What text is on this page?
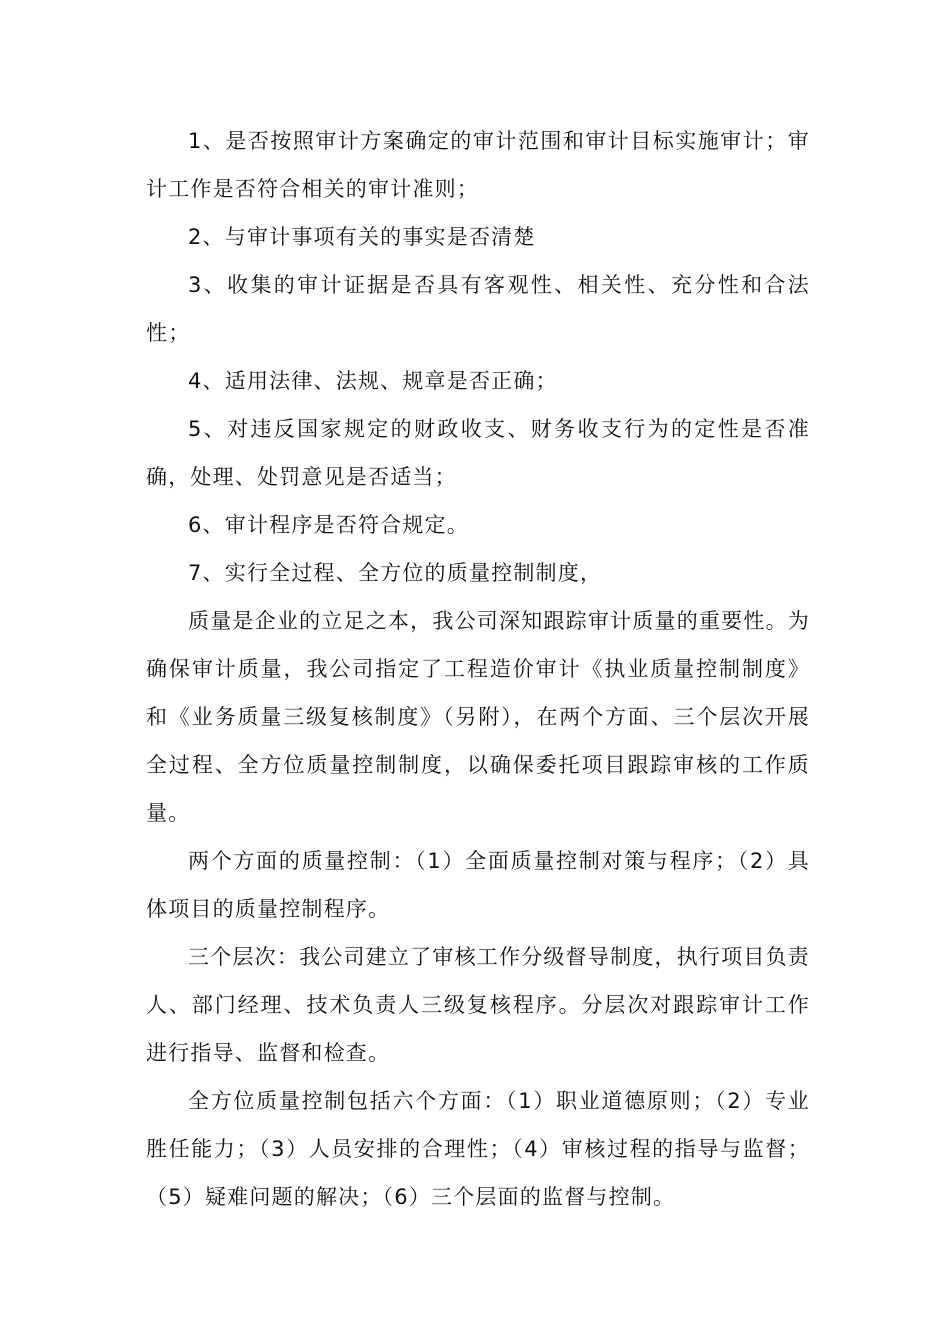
1、是否按照审计方案确定的审计范围和审计目标实施审计；审计工作是否符合相关的审计准则；

2、与审计事项有关的事实是否清楚

3、收集的审计证据是否具有客观性、相关性、充分性和合法性；

4、适用法律、法规、规章是否正确；

5、对违反国家规定的财政收支、财务收支行为的定性是否准确，处理、处罚意见是否适当；

6、审计程序是否符合规定。

7、实行全过程、全方位的质量控制制度，

质量是企业的立足之本，我公司深知跟踪审计质量的重要性。为确保审计质量，我公司指定了工程造价审计《执业质量控制制度》和《业务质量三级复核制度》（另附），在两个方面、三个层次开展全过程、全方位质量控制制度，以确保委托项目跟踪审核的工作质量。

两个方面的质量控制：（1）全面质量控制对策与程序；（2）具体项目的质量控制程序。

三个层次：我公司建立了审核工作分级督导制度，执行项目负责人、部门经理、技术负责人三级复核程序。分层次对跟踪审计工作进行指导、监督和检查。

全方位质量控制包括六个方面：（1）职业道德原则；（2）专业胜任能力；（3）人员安排的合理性；（4）审核过程的指导与监督；（5）疑难问题的解决；（6）三个层面的监督与控制。
